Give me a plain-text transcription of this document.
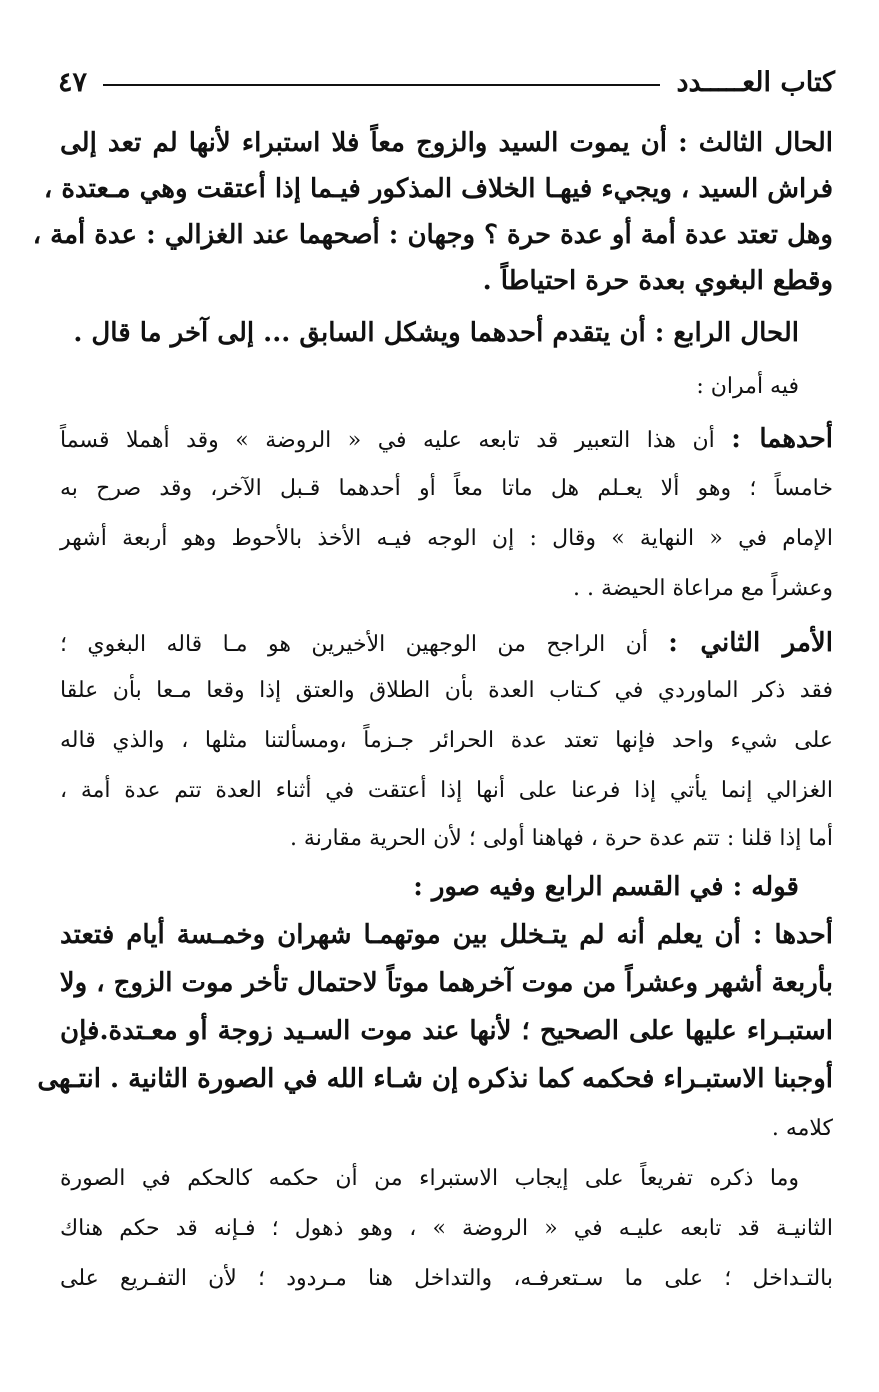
كتاب العـــــدد
٤٧
الحال الثالث : أن يموت السيد والزوج معاً فلا استبراء لأنها لم تعد إلى
فراش السيد ، ويجيء فيهـا الخلاف المذكور فيـما إذا أعتقت وهي مـعتدة ،
وهل تعتد عدة أمة أو عدة حرة ؟ وجهان : أصحهما عند الغزالي : عدة أمة ،
وقطع البغوي بعدة حرة احتياطاً .
الحال الرابع : أن يتقدم أحدهما ويشكل السابق ... إلى آخر ما قال .
فيه أمران :
أحدهما : أن هذا التعبير قد تابعه عليه في « الروضة » وقد أهملا قسماً
خامساً ؛ وهو ألا يعـلم هل ماتا معاً أو أحدهما قـبل الآخر، وقد صرح به
الإمام في « النهاية » وقال : إن الوجه فيـه الأخذ بالأحوط وهو أربعة أشهر
وعشراً مع مراعاة الحيضة . .
الأمر الثاني : أن الراجح من الوجهين الأخيرين هو مـا قاله البغوي ؛
فقد ذكر الماوردي في كـتاب العدة بأن الطلاق والعتق إذا وقعا مـعا بأن علقا
على شيء واحد فإنها تعتد عدة الحرائر جـزماً ،ومسألتنا مثلها ، والذي قاله
الغزالي إنما يأتي إذا فرعنا على أنها إذا أعتقت في أثناء العدة تتم عدة أمة ،
أما إذا قلنا : تتم عدة حرة ، فهاهنا أولى ؛ لأن الحرية مقارنة .
قوله : في القسم الرابع وفيه صور :
أحدها : أن يعلم أنه لم يتـخلل بين موتهمـا شهران وخمـسة أيام فتعتد
بأربعة أشهر وعشراً من موت آخرهما موتاً لاحتمال تأخر موت الزوج ، ولا
استبـراء عليها على الصحيح ؛ لأنها عند موت السـيد زوجة أو معـتدة.فإن
أوجبنا الاستبـراء فحكمه كما نذكره إن شـاء الله في الصورة الثانية . انتـهى
كلامه .
وما ذكره تفريعاً على إيجاب الاستبراء من أن حكمه كالحكم في الصورة
الثانيـة قد تابعه عليـه في « الروضة » ، وهو ذهول ؛ فـإنه قد حكم هناك
بالتـداخل ؛ على ما سـتعرفـه، والتداخل هنا مـردود ؛ لأن التفـريع على
